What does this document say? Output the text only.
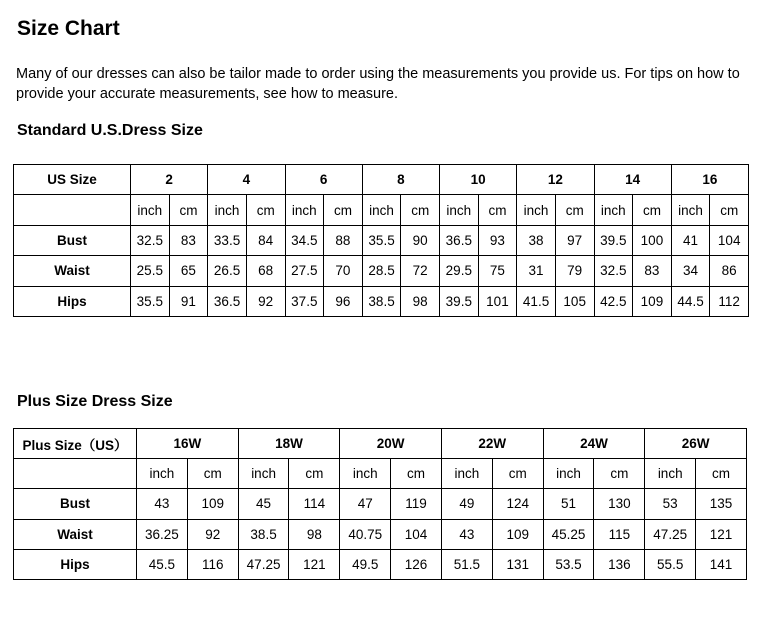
Size Chart

Many of our dresses can also be tailor made to order using the measurements you provide us. For tips on how to provide your accurate measurements, see how to measure.

Standard U.S.Dress Size
US Size	2		4		6		8		10		12		14		16	
	inch	cm	inch	cm	inch	cm	inch	cm	inch	cm	inch	cm	inch	cm	inch	cm
Bust	32.5	83	33.5	84	34.5	88	35.5	90	36.5	93	38	97	39.5	100	41	104
Waist	25.5	65	26.5	68	27.5	70	28.5	72	29.5	75	31	79	32.5	83	34	86
Hips	35.5	91	36.5	92	37.5	96	38.5	98	39.5	101	41.5	105	42.5	109	44.5	112
Plus Size Dress Size
Plus Size（US）	16W		18W		20W		22W		24W		26W	
	inch	cm	inch	cm	inch	cm	inch	cm	inch	cm	inch	cm
Bust	43	109	45	114	47	119	49	124	51	130	53	135
Waist	36.25	92	38.5	98	40.75	104	43	109	45.25	115	47.25	121
Hips	45.5	116	47.25	121	49.5	126	51.5	131	53.5	136	55.5	141
